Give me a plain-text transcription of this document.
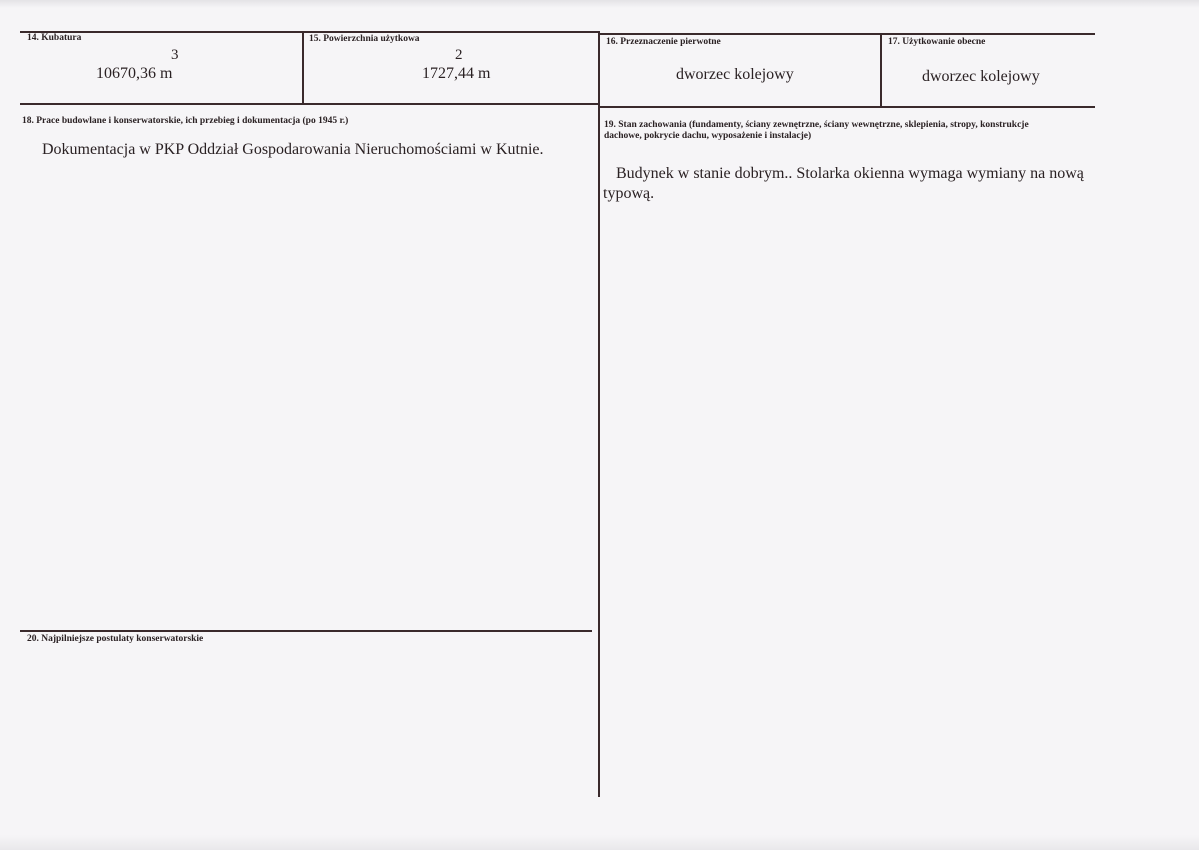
14. Kubatura
3
10670,36 m
15. Powierzchnia użytkowa
2
1727,44 m
16. Przeznaczenie pierwotne
dworzec kolejowy
17. Użytkowanie obecne
dworzec kolejowy
18. Prace budowlane i konserwatorskie, ich przebieg i dokumentacja (po 1945 r.)
Dokumentacja w PKP Oddział Gospodarowania Nieruchomościami w Kutnie.
19. Stan zachowania (fundamenty, ściany zewnętrzne, ściany wewnętrzne, sklepienia, stropy, konstrukcje
dachowe, pokrycie dachu, wyposażenie i instalacje)
Budynek w stanie dobrym.. Stolarka okienna wymaga wymiany na nową
typową.
20. Najpilniejsze postulaty konserwatorskie
